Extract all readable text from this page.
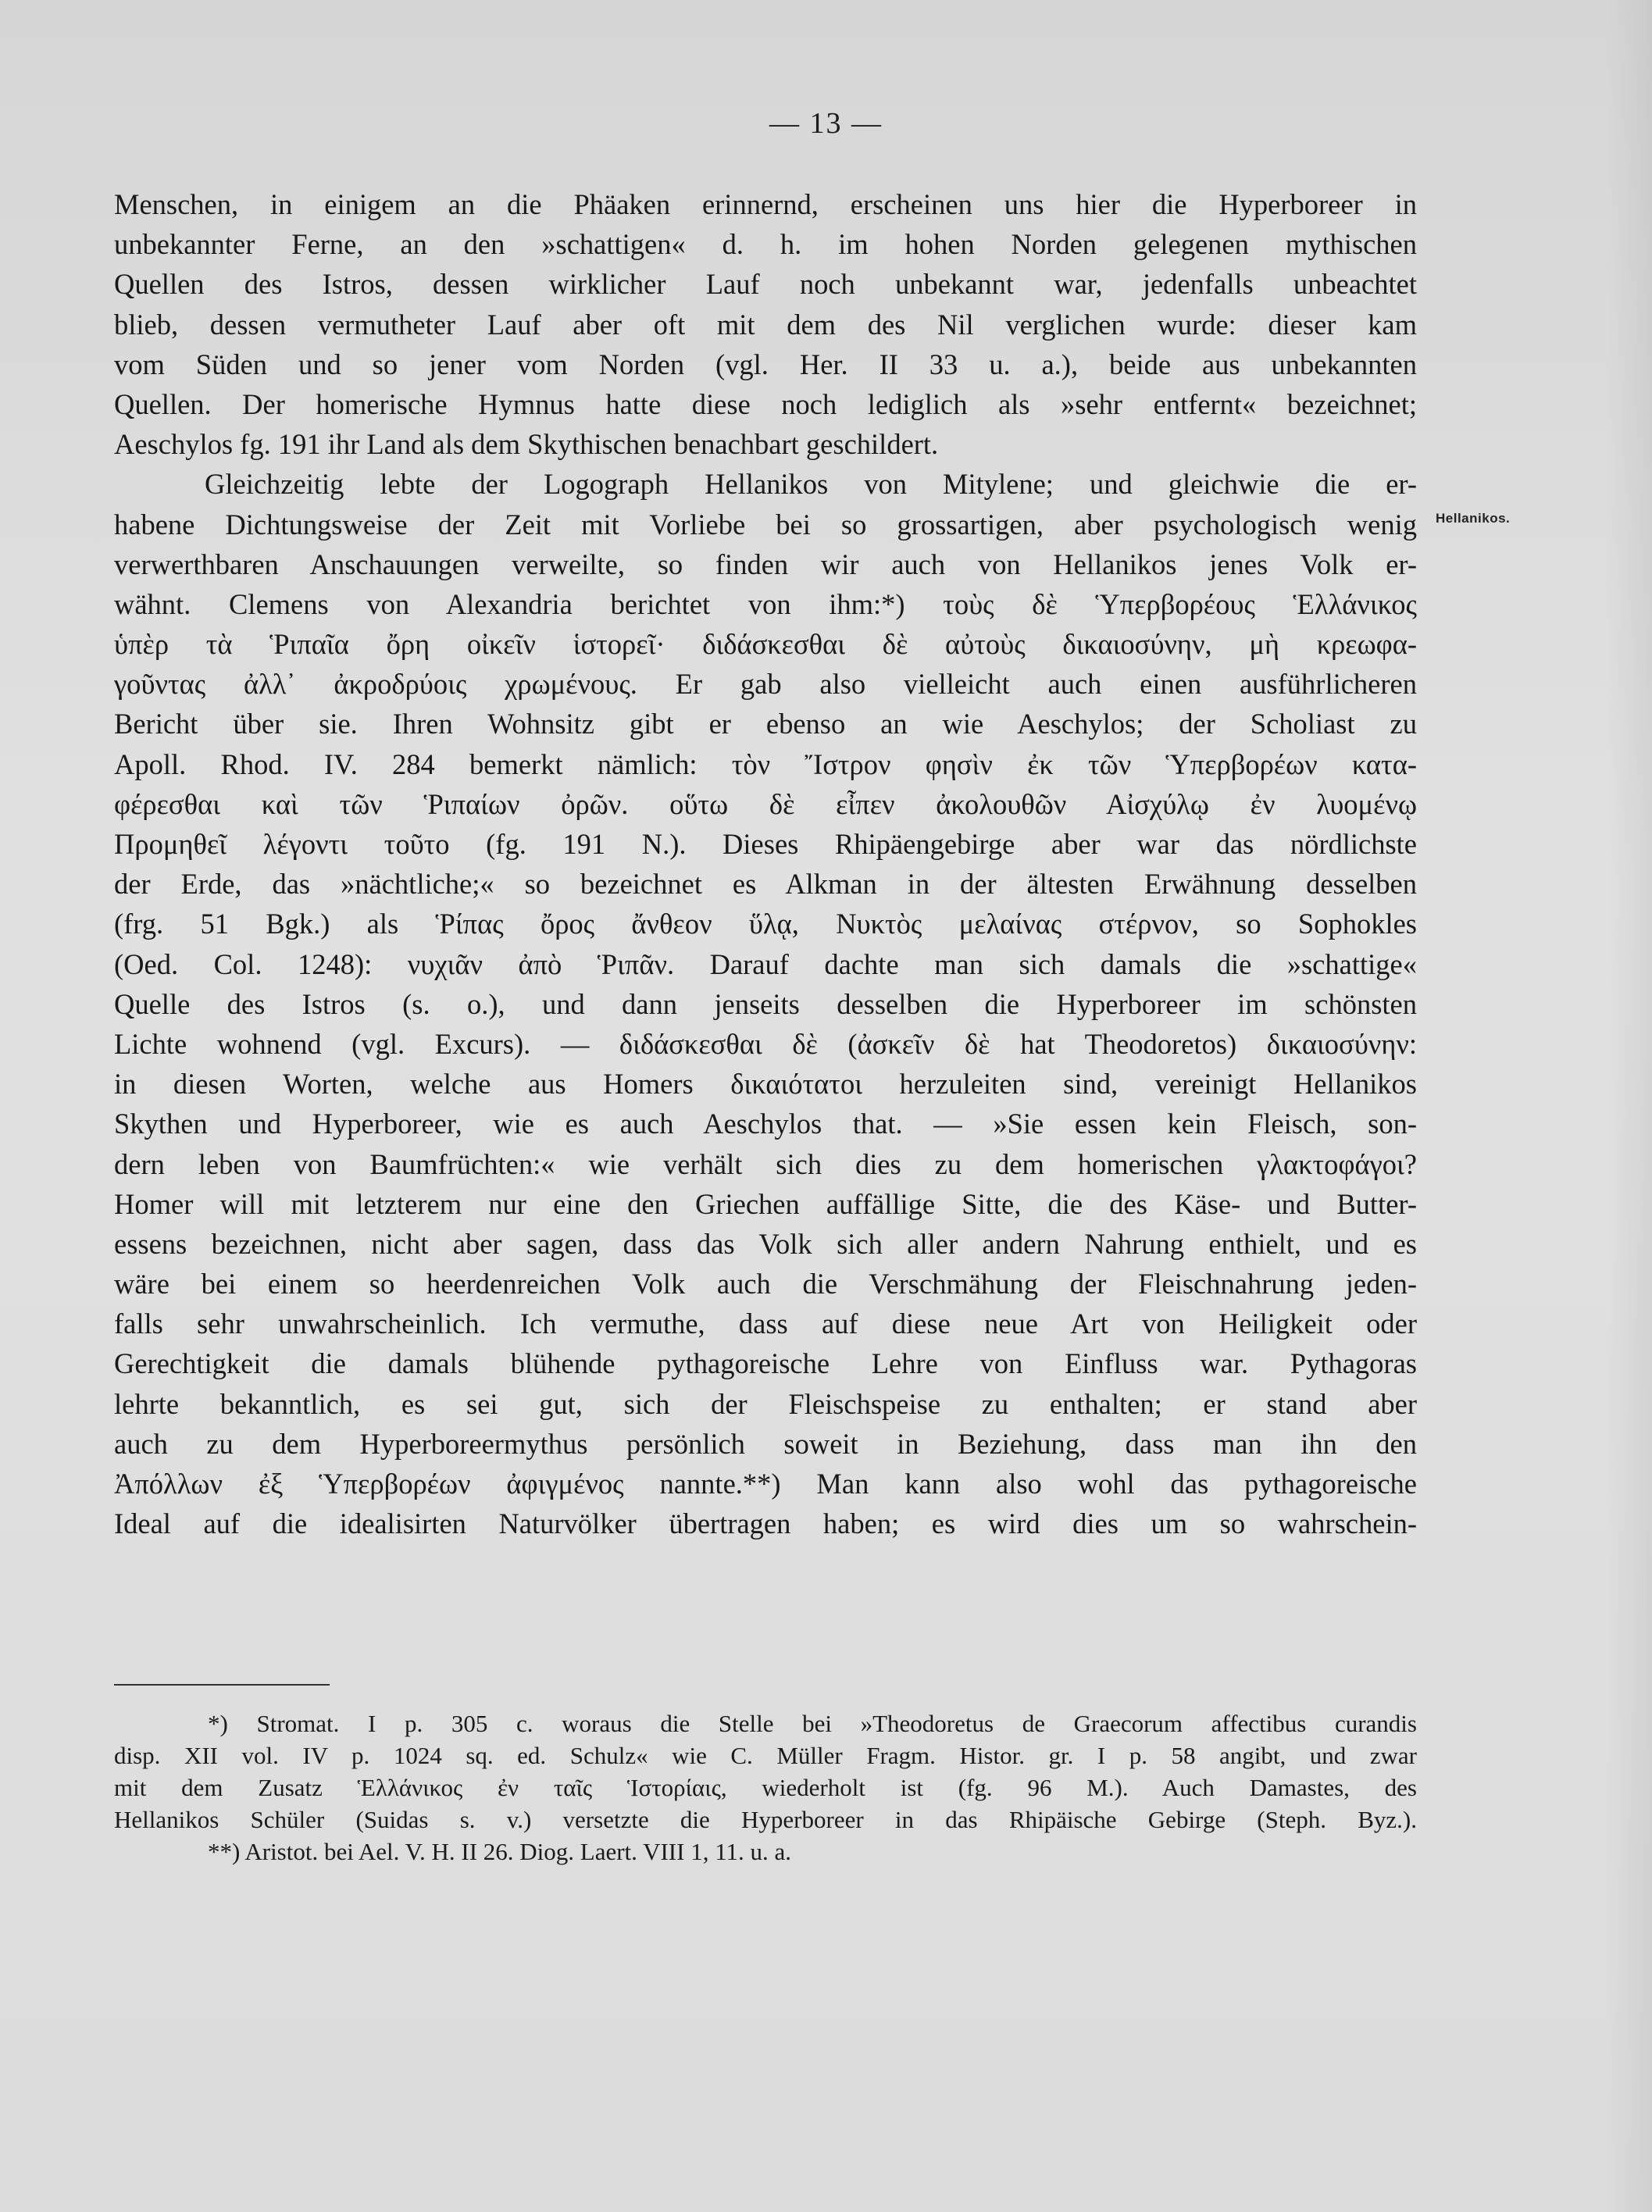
— 13 —
Menschen, in einigem an die Phäaken erinnernd, erscheinen uns hier die Hyperboreer in
unbekannter Ferne, an den »schattigen« d. h. im hohen Norden gelegenen mythischen
Quellen des Istros, dessen wirklicher Lauf noch unbekannt war, jedenfalls unbeachtet
blieb, dessen vermutheter Lauf aber oft mit dem des Nil verglichen wurde: dieser kam
vom Süden und so jener vom Norden (vgl. Her. II 33 u. a.), beide aus unbekannten
Quellen. Der homerische Hymnus hatte diese noch lediglich als »sehr entfernt« bezeichnet;
Aeschylos fg. 191 ihr Land als dem Skythischen benachbart geschildert.
Gleichzeitig lebte der Logograph Hellanikos von Mitylene; und gleichwie die er-
habene Dichtungsweise der Zeit mit Vorliebe bei so grossartigen, aber psychologisch wenig
verwerthbaren Anschauungen verweilte, so finden wir auch von Hellanikos jenes Volk er-
wähnt. Clemens von Alexandria berichtet von ihm:*) τοὺς δὲ Ὑπερβορέους Ἑλλάνικος
ὑπὲρ τὰ Ῥιπαῖα ὄρη οἰκεῖν ἱστορεῖ· διδάσκεσθαι δὲ αὐτοὺς δικαιοσύνην, μὴ κρεωφα-
γοῦντας ἀλλ᾽ ἀκροδρύοις χρωμένους. Er gab also vielleicht auch einen ausführlicheren
Bericht über sie. Ihren Wohnsitz gibt er ebenso an wie Aeschylos; der Scholiast zu
Apoll. Rhod. IV. 284 bemerkt nämlich: τὸν Ἴστρον φησὶν ἐκ τῶν Ὑπερβορέων κατα-
φέρεσθαι καὶ τῶν Ῥιπαίων ὀρῶν. οὕτω δὲ εἶπεν ἀκολουθῶν Αἰσχύλῳ ἐν λυομένῳ
Προμηθεῖ λέγοντι τοῦτο (fg. 191 N.). Dieses Rhipäengebirge aber war das nördlichste
der Erde, das »nächtliche;« so bezeichnet es Alkman in der ältesten Erwähnung desselben
(frg. 51 Bgk.) als Ῥίπας ὄρος ἄνθεον ὕλᾳ, Νυκτὸς μελαίνας στέρνον, so Sophokles
(Oed. Col. 1248): νυχιᾶν ἀπὸ Ῥιπᾶν. Darauf dachte man sich damals die »schattige«
Quelle des Istros (s. o.), und dann jenseits desselben die Hyperboreer im schönsten
Lichte wohnend (vgl. Excurs). — διδάσκεσθαι δὲ (ἀσκεῖν δὲ hat Theodoretos) δικαιοσύνην:
in diesen Worten, welche aus Homers δικαιότατοι herzuleiten sind, vereinigt Hellanikos
Skythen und Hyperboreer, wie es auch Aeschylos that. — »Sie essen kein Fleisch, son-
dern leben von Baumfrüchten:« wie verhält sich dies zu dem homerischen γλακτοφάγοι?
Homer will mit letzterem nur eine den Griechen auffällige Sitte, die des Käse- und Butter-
essens bezeichnen, nicht aber sagen, dass das Volk sich aller andern Nahrung enthielt, und es
wäre bei einem so heerdenreichen Volk auch die Verschmähung der Fleischnahrung jeden-
falls sehr unwahrscheinlich. Ich vermuthe, dass auf diese neue Art von Heiligkeit oder
Gerechtigkeit die damals blühende pythagoreische Lehre von Einfluss war. Pythagoras
lehrte bekanntlich, es sei gut, sich der Fleischspeise zu enthalten; er stand aber
auch zu dem Hyperboreermythus persönlich soweit in Beziehung, dass man ihn den
Ἀπόλλων ἐξ Ὑπερβορέων ἀφιγμένος nannte.**) Man kann also wohl das pythagoreische
Ideal auf die idealisirten Naturvölker übertragen haben; es wird dies um so wahrschein-
Hellanikos.
*) Stromat. I p. 305 c. woraus die Stelle bei »Theodoretus de Graecorum affectibus curandis
disp. XII vol. IV p. 1024 sq. ed. Schulz« wie C. Müller Fragm. Histor. gr. I p. 58 angibt, und zwar
mit dem Zusatz Ἑλλάνικος ἐν ταῖς Ἱστορίαις, wiederholt ist (fg. 96 M.). Auch Damastes, des
Hellanikos Schüler (Suidas s. v.) versetzte die Hyperboreer in das Rhipäische Gebirge (Steph. Byz.).
**) Aristot. bei Ael. V. H. II 26. Diog. Laert. VIII 1, 11. u. a.
